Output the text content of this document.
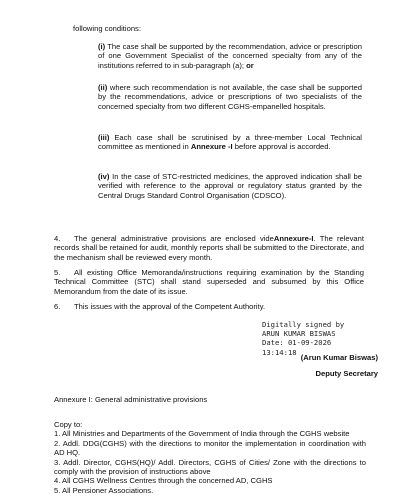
following conditions:

(i) The case shall be supported by the recommendation, advice or prescription of one Government Specialist of the concerned specialty from any of the institutions referred to in sub-paragraph (a); or

(ii) where such recommendation is not available, the case shall be supported by the recommendations, advice or prescriptions of two specialists of the concerned specialty from two different CGHS-empanelled hospitals.

(iii) Each case shall be scrutinised by a three-member Local Technical committee as mentioned in Annexure -I before approval is accorded.

(iv) In the case of STC-restricted medicines, the approved indication shall be verified with reference to the approval or regulatory status granted by the Central Drugs Standard Control Organisation (CDSCO).

4. The general administrative provisions are enclosed videAnnexure-I. The relevant records shall be retained for audit, monthly reports shall be submitted to the Directorate, and the mechanism shall be reviewed every month.

5. All existing Office Memoranda/instructions requiring examination by the Standing Technical Committee (STC) shall stand superseded and subsumed by this Office Memorandum from the date of its issue.

6. This issues with the approval of the Competent Authority.

Digitally signed by
ARUN KUMAR BISWAS
Date: 01-09-2026
13:14:18
(Arun Kumar Biswas)
Deputy Secretary

Annexure I: General administrative provisions

Copy to:

1. All Ministries and Departments of the Government of India through the CGHS website

2. Addl. DDG(CGHS) with the directions to monitor the implementation in coordination with AD HQ.

3. Addl. Director, CGHS(HQ)/ Addl. Directors, CGHS of Cities/ Zone with the directions to comply with the provision of instructions above

4. All CGHS Wellness Centres through the concerned AD, CGHS

5. All Pensioner Associations.
